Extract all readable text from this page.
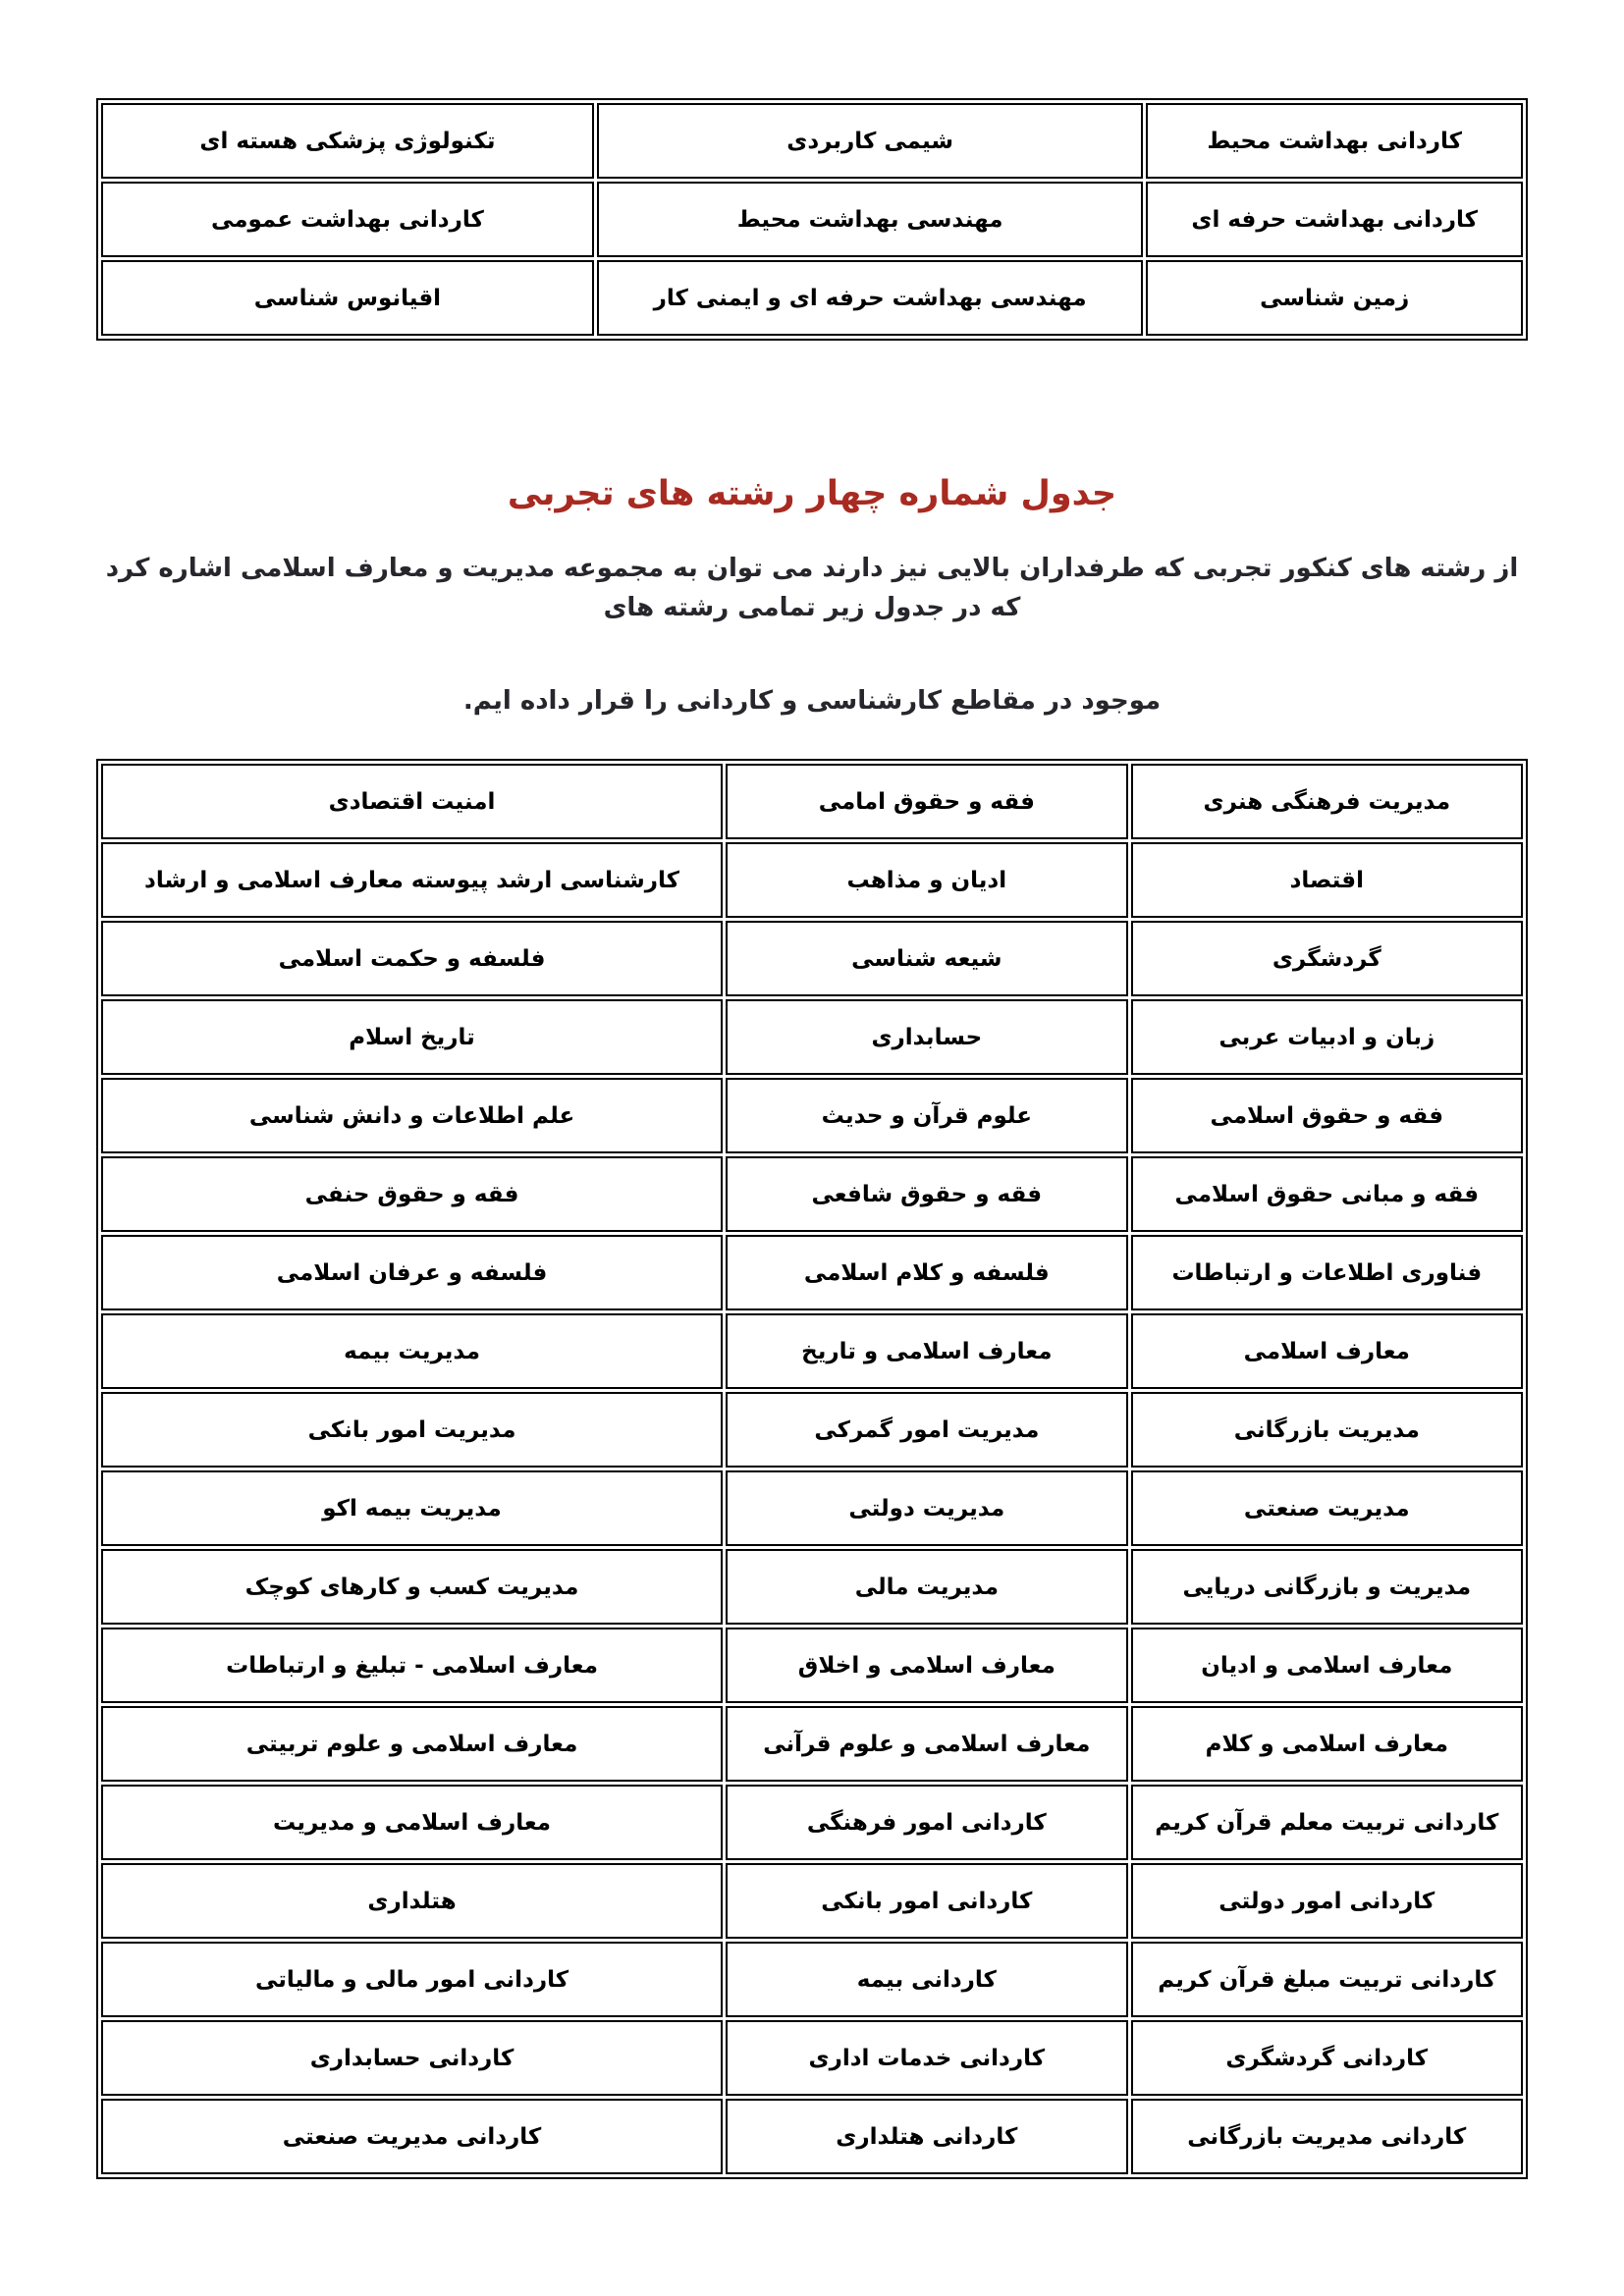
کاردانی بهداشت محیط	شیمی کاربردی	تکنولوژی پزشکی هسته ای
کاردانی بهداشت حرفه ای	مهندسی بهداشت محیط	کاردانی بهداشت عمومی
زمین شناسی	مهندسی بهداشت حرفه ای و ایمنی کار	اقیانوس شناسی
جدول شماره چهار رشته های تجربی

از رشته های کنکور تجربی که طرفداران بالایی نیز دارند می توان به مجموعه مدیریت و معارف اسلامی اشاره کرد که در جدول زیر تمامی رشته های
موجود در مقاطع کارشناسی و کاردانی را قرار داده ایم.

مدیریت فرهنگی هنری	فقه و حقوق امامی	امنیت اقتصادی
اقتصاد	ادیان و مذاهب	کارشناسی ارشد پیوسته معارف اسلامی و ارشاد
گردشگری	شیعه شناسی	فلسفه و حکمت اسلامی
زبان و ادبیات عربی	حسابداری	تاریخ اسلام
فقه و حقوق اسلامی	علوم قرآن و حدیث	علم اطلاعات و دانش شناسی
فقه و مبانی حقوق اسلامی	فقه و حقوق شافعی	فقه و حقوق حنفی
فناوری اطلاعات و ارتباطات	فلسفه و کلام اسلامی	فلسفه و عرفان اسلامی
معارف اسلامی	معارف اسلامی و تاریخ	مدیریت بیمه
مدیریت بازرگانی	مدیریت امور گمرکی	مدیریت امور بانکی
مدیریت صنعتی	مدیریت دولتی	مدیریت بیمه اکو
مدیریت و بازرگانی دریایی	مدیریت مالی	مدیریت کسب و کارهای کوچک
معارف اسلامی و ادیان	معارف اسلامی و اخلاق	معارف اسلامی - تبلیغ و ارتباطات
معارف اسلامی و کلام	معارف اسلامی و علوم قرآنی	معارف اسلامی و علوم تربیتی
کاردانی تربیت معلم قرآن کریم	کاردانی امور فرهنگی	معارف اسلامی و مدیریت
کاردانی امور دولتی	کاردانی امور بانکی	هتلداری
کاردانی تربیت مبلغ قرآن کریم	کاردانی بیمه	کاردانی امور مالی و مالیاتی
کاردانی گردشگری	کاردانی خدمات اداری	کاردانی حسابداری
کاردانی مدیریت بازرگانی	کاردانی هتلداری	کاردانی مدیریت صنعتی
